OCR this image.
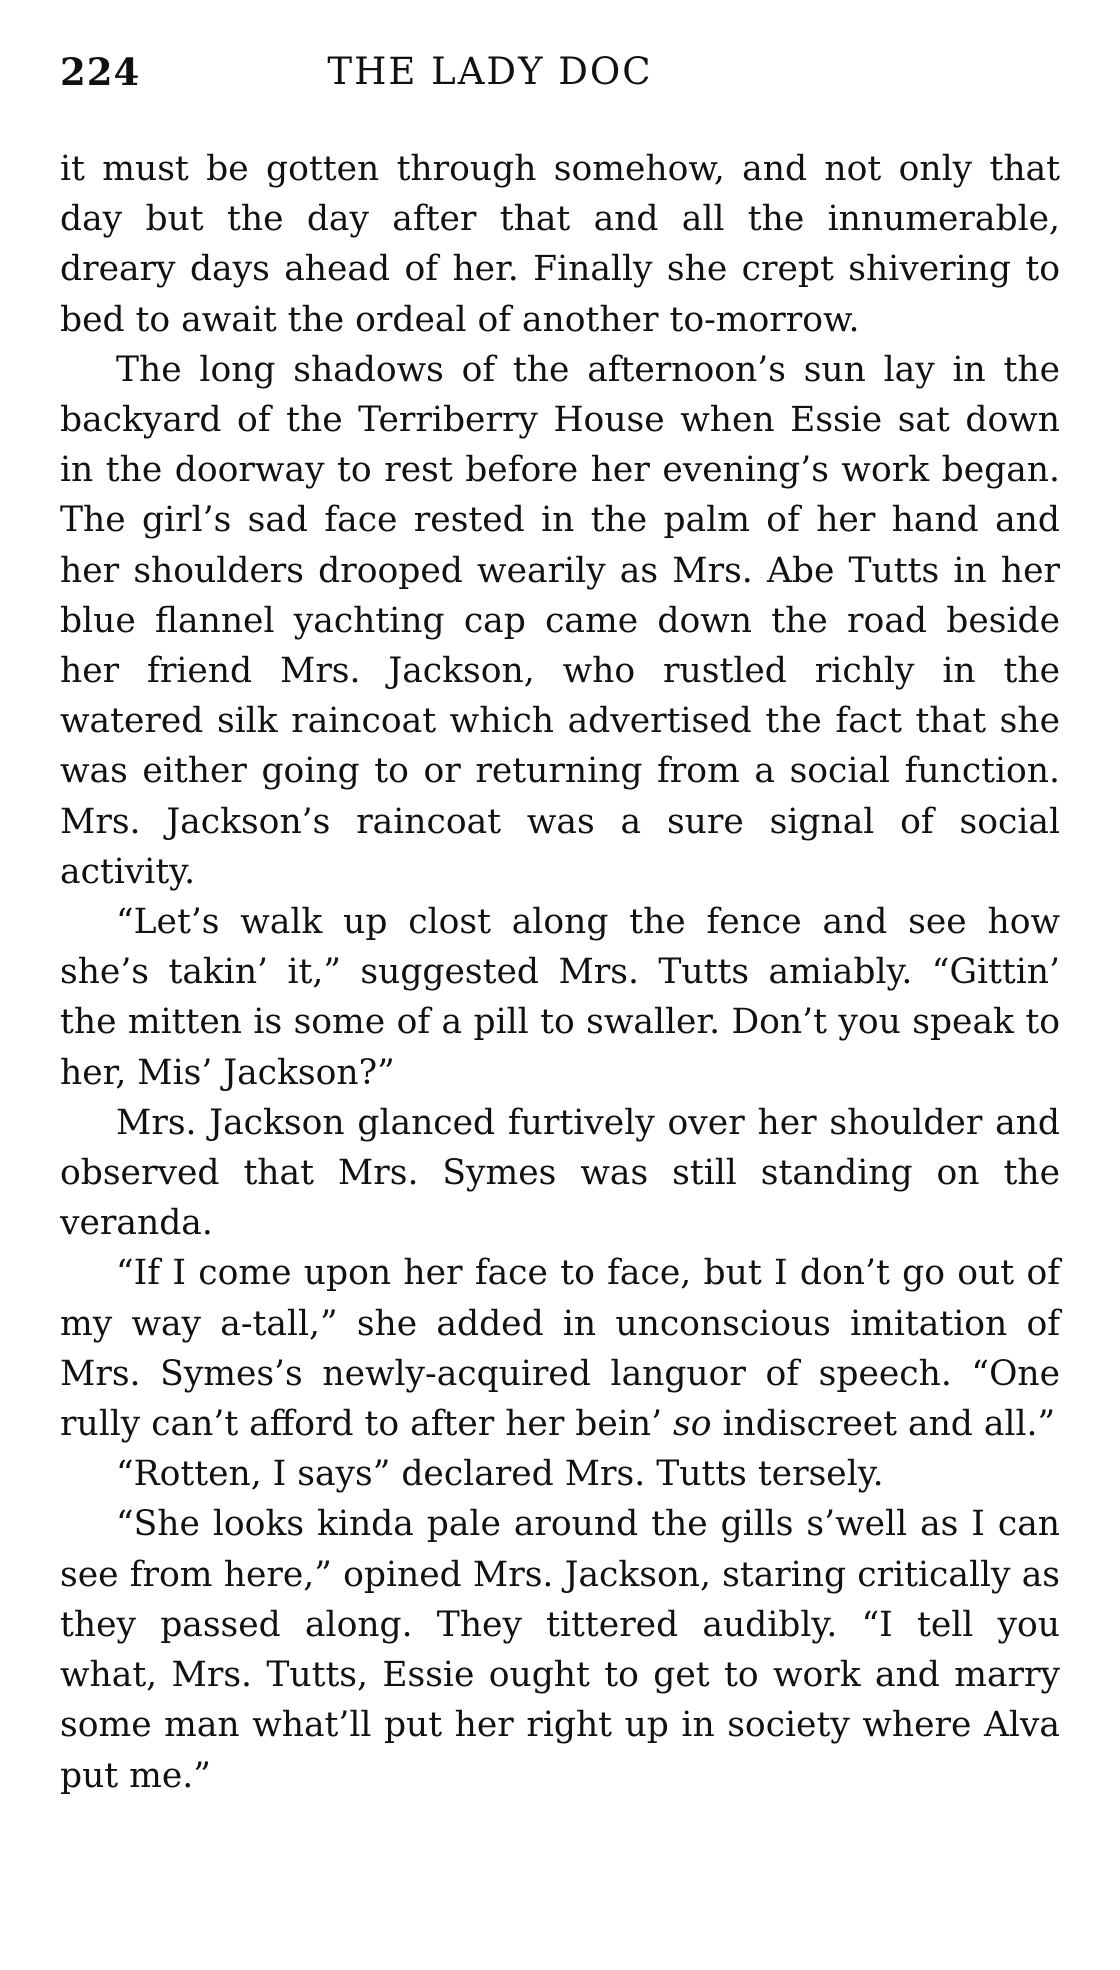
224	THE LADY DOC

it must be gotten through somehow, and not only that day but the day after that and all the innumerable, dreary days ahead of her. Finally she crept shivering to bed to await the ordeal of another to-morrow.

The long shadows of the afternoon’s sun lay in the backyard of the Terriberry House when Essie sat down in the doorway to rest before her evening’s work began. The girl’s sad face rested in the palm of her hand and her shoulders drooped wearily as Mrs. Abe Tutts in her blue flannel yachting cap came down the road beside her friend Mrs. Jackson, who rustled richly in the watered silk raincoat which advertised the fact that she was either going to or returning from a social function. Mrs. Jackson’s raincoat was a sure signal of social activity.

“Let’s walk up clost along the fence and see how she’s takin’ it,” suggested Mrs. Tutts amiably. “Gittin’ the mitten is some of a pill to swaller. Don’t you speak to her, Mis’ Jackson?”

Mrs. Jackson glanced furtively over her shoulder and observed that Mrs. Symes was still standing on the veranda.

“If I come upon her face to face, but I don’t go out of my way a-tall,” she added in unconscious imitation of Mrs. Symes’s newly-acquired languor of speech. “One rully can’t afford to after her bein’ so indiscreet and all.”

“Rotten, I says” declared Mrs. Tutts tersely.

“She looks kinda pale around the gills s’well as I can see from here,” opined Mrs. Jackson, staring critically as they passed along. They tittered audibly. “I tell you what, Mrs. Tutts, Essie ought to get to work and marry some man what’ll put her right up in society where Alva put me.”
